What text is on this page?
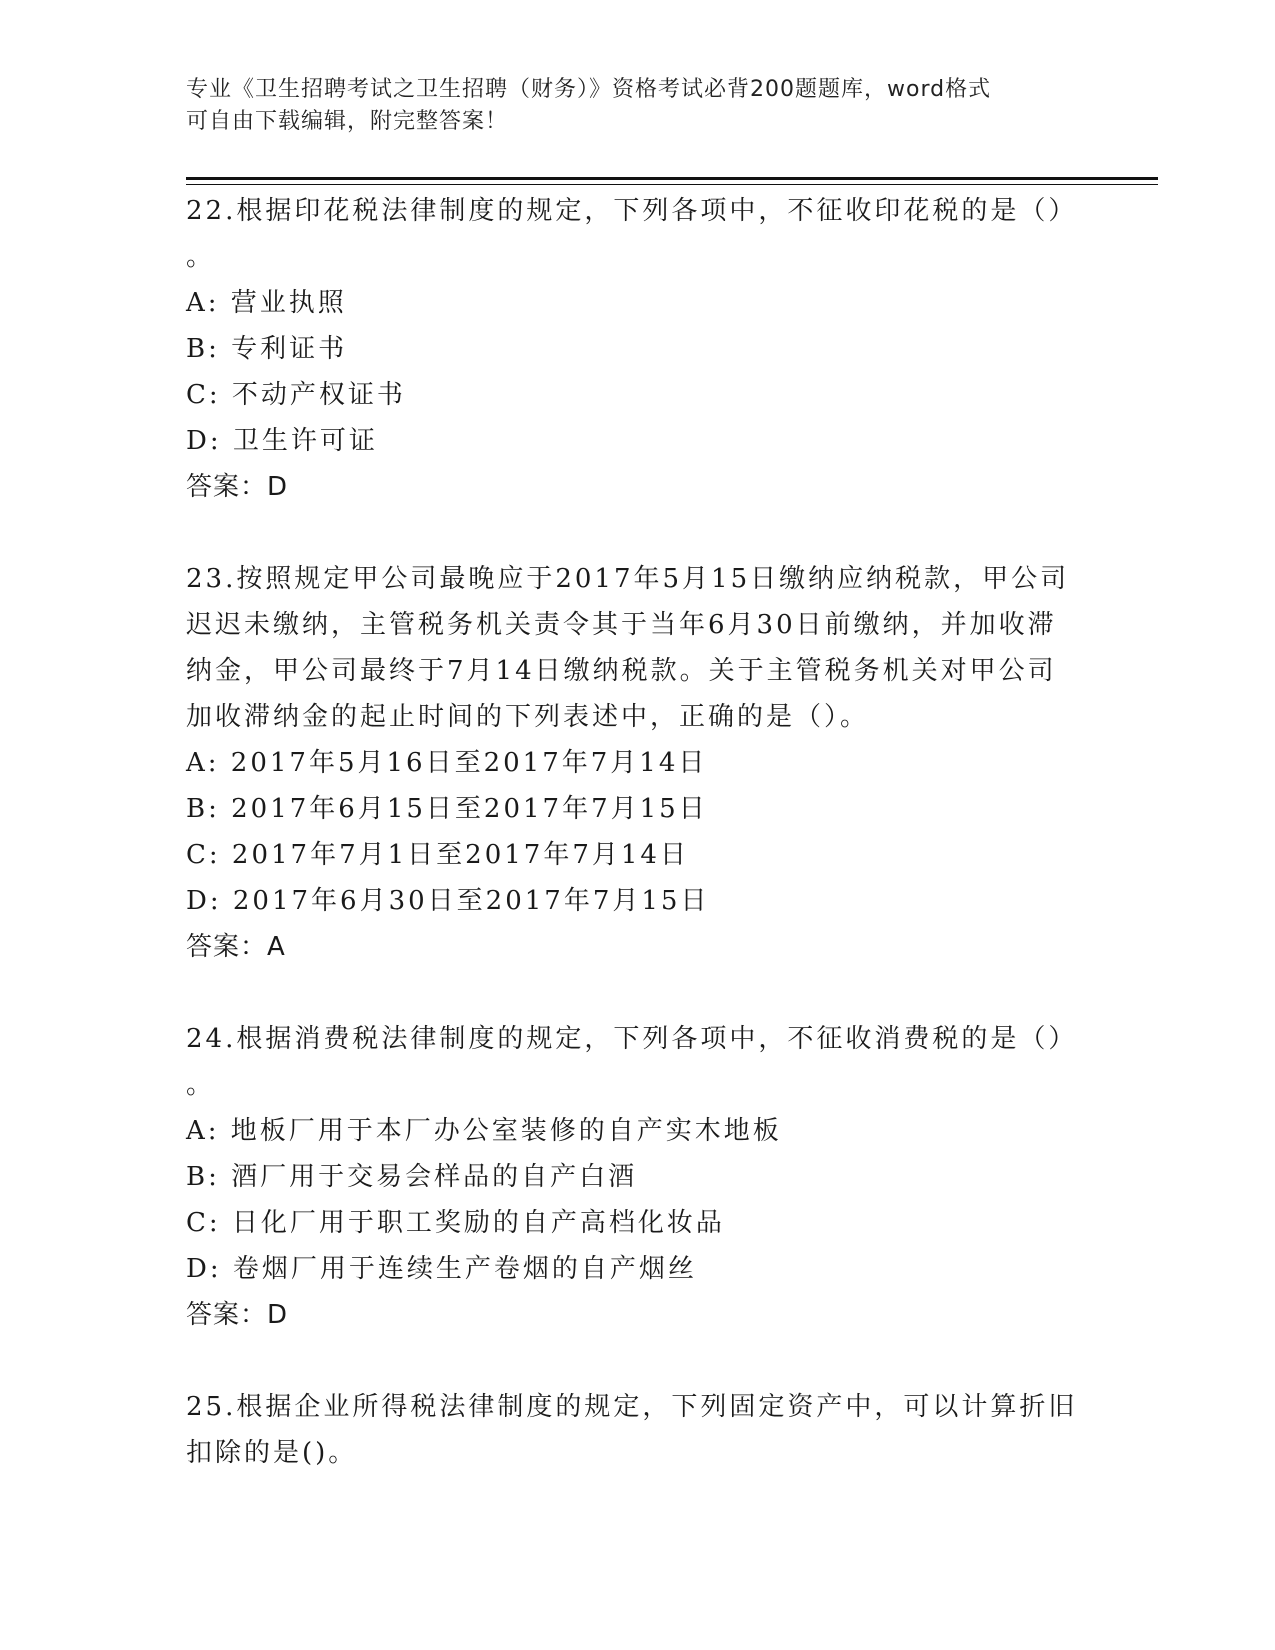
专业《卫生招聘考试之卫生招聘（财务）》资格考试必背200题题库，word格式
可自由下载编辑，附完整答案！

22.根据印花税法律制度的规定，下列各项中，不征收印花税的是（）

。

A: 营业执照

B: 专利证书

C: 不动产权证书

D: 卫生许可证

答案：D

23.按照规定甲公司最晚应于2017年5月15日缴纳应纳税款，甲公司

迟迟未缴纳，主管税务机关责令其于当年6月30日前缴纳，并加收滞

纳金，甲公司最终于7月14日缴纳税款。关于主管税务机关对甲公司

加收滞纳金的起止时间的下列表述中，正确的是（）。

A: 2017年5月16日至2017年7月14日

B: 2017年6月15日至2017年7月15日

C: 2017年7月1日至2017年7月14日

D: 2017年6月30日至2017年7月15日

答案：A

24.根据消费税法律制度的规定，下列各项中，不征收消费税的是（）

。

A: 地板厂用于本厂办公室装修的自产实木地板

B: 酒厂用于交易会样品的自产白酒

C: 日化厂用于职工奖励的自产高档化妆品

D: 卷烟厂用于连续生产卷烟的自产烟丝

答案：D

25.根据企业所得税法律制度的规定，下列固定资产中，可以计算折旧

扣除的是()。
